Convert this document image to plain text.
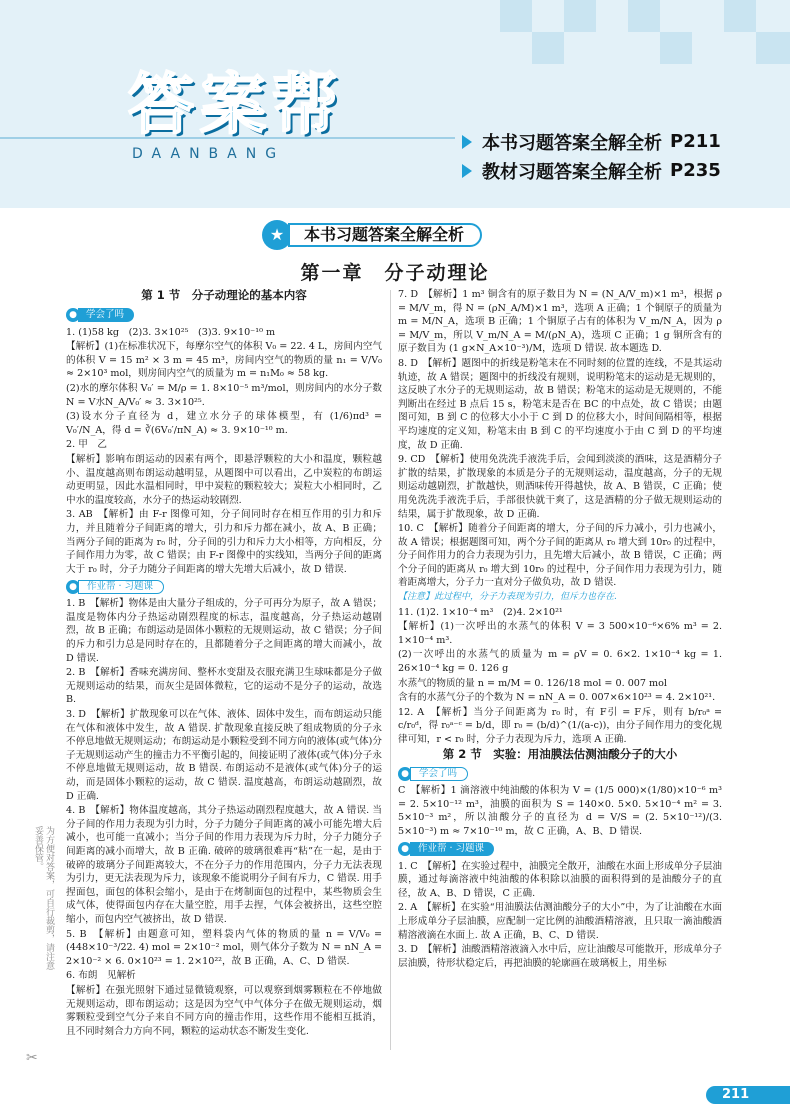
答案帮
DAANBANG
本书习题答案全解全析 P211
教材习题答案全解全析 P235
★	本书习题答案全解全析
第一章　分子动理论
第 1 节　分子动理论的基本内容
● 学会了吗

1. (1)58 kg　(2)3. 3×10²⁵　(3)3. 9×10⁻¹⁰ m

【解析】(1)在标准状况下，每摩尔空气的体积 V₀ = 22. 4 L，房间内空气的体积 V = 15 m² × 3 m = 45 m³，房间内空气的物质的量 n₁ = V/V₀ ≈ 2×10³ mol，则房间内空气的质量为 m = n₁M₀ ≈ 58 kg.

(2)水的摩尔体积 V₀′ = M/ρ = 1. 8×10⁻⁵ m³/mol，则房间内的水分子数 N = V水N_A/V₀′ ≈ 3. 3×10²⁵.

(3)设水分子直径为 d，建立水分子的球体模型，有 (1/6)πd³ = V₀′/N_A，得 d = ∛(6V₀′/πN_A) ≈ 3. 9×10⁻¹⁰ m.

2. 甲　乙

【解析】影响布朗运动的因素有两个，即悬浮颗粒的大小和温度，颗粒越小、温度越高则布朗运动越明显，从题图中可以看出，乙中炭粒的布朗运动更明显，因此水温相同时，甲中炭粒的颗粒较大；炭粒大小相同时，乙中水的温度较高，水分子的热运动较剧烈.

3. AB　【解析】由 F-r 图像可知，分子间同时存在相互作用的引力和斥力，并且随着分子间距离的增大，引力和斥力都在减小，故 A、B 正确；当两分子间的距离为 r₀ 时，分子间的引力和斥力大小相等，方向相反，分子间作用力为零，故 C 错误；由 F-r 图像中的实线知，当两分子间的距离大于 r₀ 时，分子力随分子间距离的增大先增大后减小，故 D 错误.

●	作业帮 · 习题课

1. B　【解析】物体是由大量分子组成的，分子可再分为原子，故 A 错误；温度是物体内分子热运动剧烈程度的标志，温度越高，分子热运动越剧烈，故 B 正确；布朗运动是固体小颗粒的无规则运动，故 C 错误；分子间的斥力和引力总是同时存在的，且都随着分子之间距离的增大而减小，故 D 错误.

2. B　【解析】香味充满房间、整杯水变甜及衣服充满卫生球味都是分子做无规则运动的结果，而灰尘是固体微粒，它的运动不是分子的运动，故选 B.

3. D　【解析】扩散现象可以在气体、液体、固体中发生，而布朗运动只能在气体和液体中发生，故 A 错误. 扩散现象直接反映了组成物质的分子永不停息地做无规则运动；布朗运动是小颗粒受到不同方向的液体(或气体)分子无规则运动产生的撞击力不平衡引起的，间接证明了液体(或气体)分子永不停息地做无规则运动，故 B 错误. 布朗运动不是液体(或气体)分子的运动，而是固体小颗粒的运动，故 C 错误. 温度越高，布朗运动越剧烈，故 D 正确.

4. B　【解析】物体温度越高，其分子热运动剧烈程度越大，故 A 错误. 当分子间的作用力表现为引力时，分子力随分子间距离的减小可能先增大后减小，也可能一直减小；当分子间的作用力表现为斥力时，分子力随分子间距离的减小而增大，故 B 正确. 破碎的玻璃很难再“粘”在一起，是由于破碎的玻璃分子间距离较大，不在分子力的作用范围内，分子力无法表现为引力，更无法表现为斥力，该现象不能说明分子间有斥力，C 错误. 用手捏面包，面包的体积会缩小，是由于在烤制面包的过程中，某些物质会生成气体，使得面包内存在大量空腔，用手去捏，气体会被挤出，这些空腔缩小，而包内空气被挤出，故 D 错误.

5. B　【解析】由题意可知，塑料袋内气体的物质的量 n = V/V₀ = (448×10⁻³/22. 4) mol = 2×10⁻² mol，则气体分子数为 N = nN_A = 2×10⁻² × 6. 0×10²³ = 1. 2×10²²，故 B 正确，A、C、D 错误.

6. 布朗　见解析

【解析】在强光照射下通过显微镜观察，可以观察到烟雾颗粒在不停地做无规则运动，即布朗运动；这是因为空气中气体分子在做无规则运动，烟雾颗粒受到空气分子来自不同方向的撞击作用，这些作用不能相互抵消，且不同时刻合力方向不同，颗粒的运动状态不断发生变化.

7. D　【解析】1 m³ 铜含有的原子数目为 N = (N_A/V_m)×1 m³，根据 ρ = M/V_m，得 N = (ρN_A/M)×1 m³，选项 A 正确；1 个铜原子的质量为 m = M/N_A，选项 B 正确；1 个铜原子占有的体积为 V_m/N_A，因为 ρ = M/V_m，所以 V_m/N_A = M/(ρN_A)，选项 C 正确；1 g 铜所含有的原子数目为 (1 g×N_A×10⁻³)/M，选项 D 错误. 故本题选 D.

8. D　【解析】题图中的折线是粉笔末在不同时刻的位置的连线，不是其运动轨迹，故 A 错误；题图中的折线没有规则，说明粉笔末的运动是无规则的，这反映了水分子的无规则运动，故 B 错误；粉笔末的运动是无规则的，不能判断出在经过 B 点后 15 s，粉笔末是否在 BC 的中点处，故 C 错误；由题图可知，B 到 C 的位移大小小于 C 到 D 的位移大小，时间间隔相等，根据平均速度的定义知，粉笔末由 B 到 C 的平均速度小于由 C 到 D 的平均速度，故 D 正确.

9. CD　【解析】使用免洗洗手液洗手后，会闻到淡淡的酒味，这是酒精分子扩散的结果，扩散现象的本质是分子的无规则运动，温度越高，分子的无规则运动越剧烈，扩散越快，则酒味传开得越快，故 A、B 错误，C 正确；使用免洗洗手液洗手后，手部很快就干爽了，这是酒精的分子做无规则运动的结果，属于扩散现象，故 D 正确.

10. C　【解析】随着分子间距离的增大，分子间的斥力减小，引力也减小，故 A 错误；根据题图可知，两个分子间的距离从 r₀ 增大到 10r₀ 的过程中，分子间作用力的合力表现为引力，且先增大后减小，故 B 错误，C 正确；两个分子间的距离从 r₀ 增大到 10r₀ 的过程中，分子间作用力表现为引力，随着距离增大，分子力一直对分子做负功，故 D 错误.

【注意】此过程中，分子力表现为引力，但斥力也存在.

11. (1)2. 1×10⁻⁴ m³　(2)4. 2×10²¹

【解析】(1)一次呼出的水蒸气的体积 V = 3 500×10⁻⁶×6% m³ = 2. 1×10⁻⁴ m³.

(2)一次呼出的水蒸气的质量为 m = ρV = 0. 6×2. 1×10⁻⁴ kg = 1. 26×10⁻⁴ kg = 0. 126 g

水蒸气的物质的量 n = m/M = 0. 126/18 mol = 0. 007 mol

含有的水蒸气分子的个数为 N = nN_A = 0. 007×6×10²³ = 4. 2×10²¹.

12. A　【解析】当分子间距离为 r₀ 时，有 F引 = F斥，则有 b/r₀ᵃ = c/r₀ᵈ，得 r₀ᵃ⁻ᶜ = b/d，即 r₀ = (b/d)^(1/(a-c))，由分子间作用力的变化规律可知，r < r₀ 时，分子力表现为斥力，选项 A 正确.

第 2 节　实验：用油膜法估测油酸分子的大小
●	学会了吗

C　【解析】1 滴溶液中纯油酸的体积为 V = (1/5 000)×(1/80)×10⁻⁶ m³ = 2. 5×10⁻¹² m³，油膜的面积为 S = 140×0. 5×0. 5×10⁻⁴ m² = 3. 5×10⁻³ m²，所以油酸分子的直径为 d = V/S = (2. 5×10⁻¹²)/(3. 5×10⁻³) m ≈ 7×10⁻¹⁰ m，故 C 正确，A、B、D 错误.

● 作业帮 · 习题课

1. C　【解析】在实验过程中，油膜完全散开，油酸在水面上形成单分子层油膜，通过每滴溶液中纯油酸的体积除以油膜的面积得到的是油酸分子的直径，故 A、B、D 错误，C 正确.

2. A　【解析】在实验“用油膜法估测油酸分子的大小”中，为了让油酸在水面上形成单分子层油膜，应配制一定比例的油酸酒精溶液，且只取一滴油酸酒精溶液滴在水面上. 故 A 正确，B、C、D 错误.

3. D　【解析】油酸酒精溶液滴入水中后，应让油酸尽可能散开，形成单分子层油膜，待形状稳定后，再把油膜的轮廓画在玻璃板上，用坐标

为方便对答案，可自行裁剪，请注意妥善保管。
✂
211
